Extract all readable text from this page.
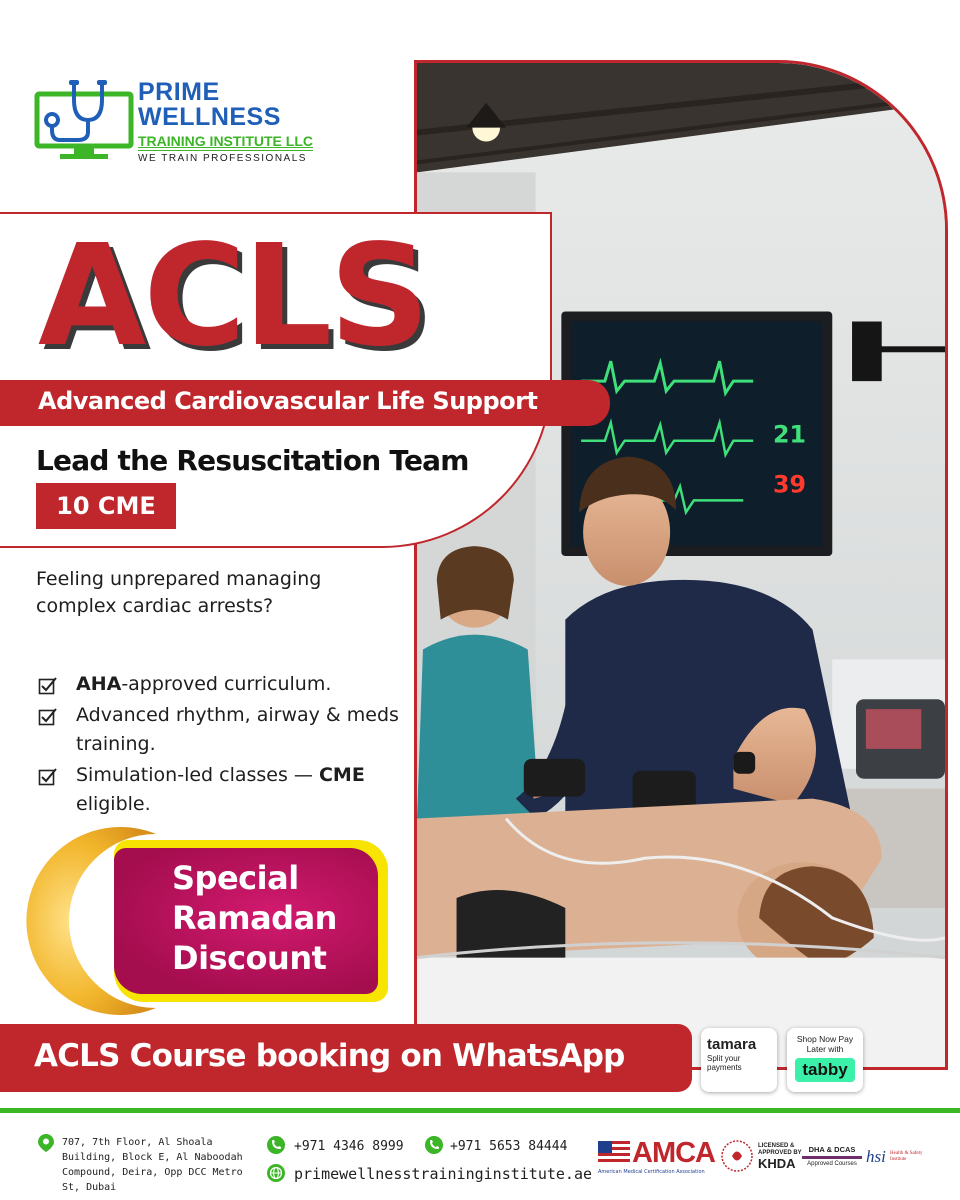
PRIME
WELLNESS
TRAINING INSTITUTE LLC
WE TRAIN PROFESSIONALS
21
39
ACLS
Advanced Cardiovascular Life Support
Lead the Resuscitation Team
10 CME
Feeling unprepared managing complex cardiac arrests?
AHA-approved curriculum.
Advanced rhythm, airway & meds training.
Simulation-led classes — CME eligible.
Special
Ramadan
Discount
ACLS Course booking on WhatsApp	tamara
Split your payments
Shop Now Pay Later with
tabby
707, 7th Floor, Al Shoala Building, Block E, Al Naboodah Compound, Deira, Opp DCC Metro St, Dubai
+971 4346 8999	+971 5653 84444
primewellnesstraininginstitute.ae
AMCA
American Medical Certification Association
LICENSED &
APPROVED BY
KHDA
DHA & DCAS
Approved Courses hsi Health & Safety Institute
